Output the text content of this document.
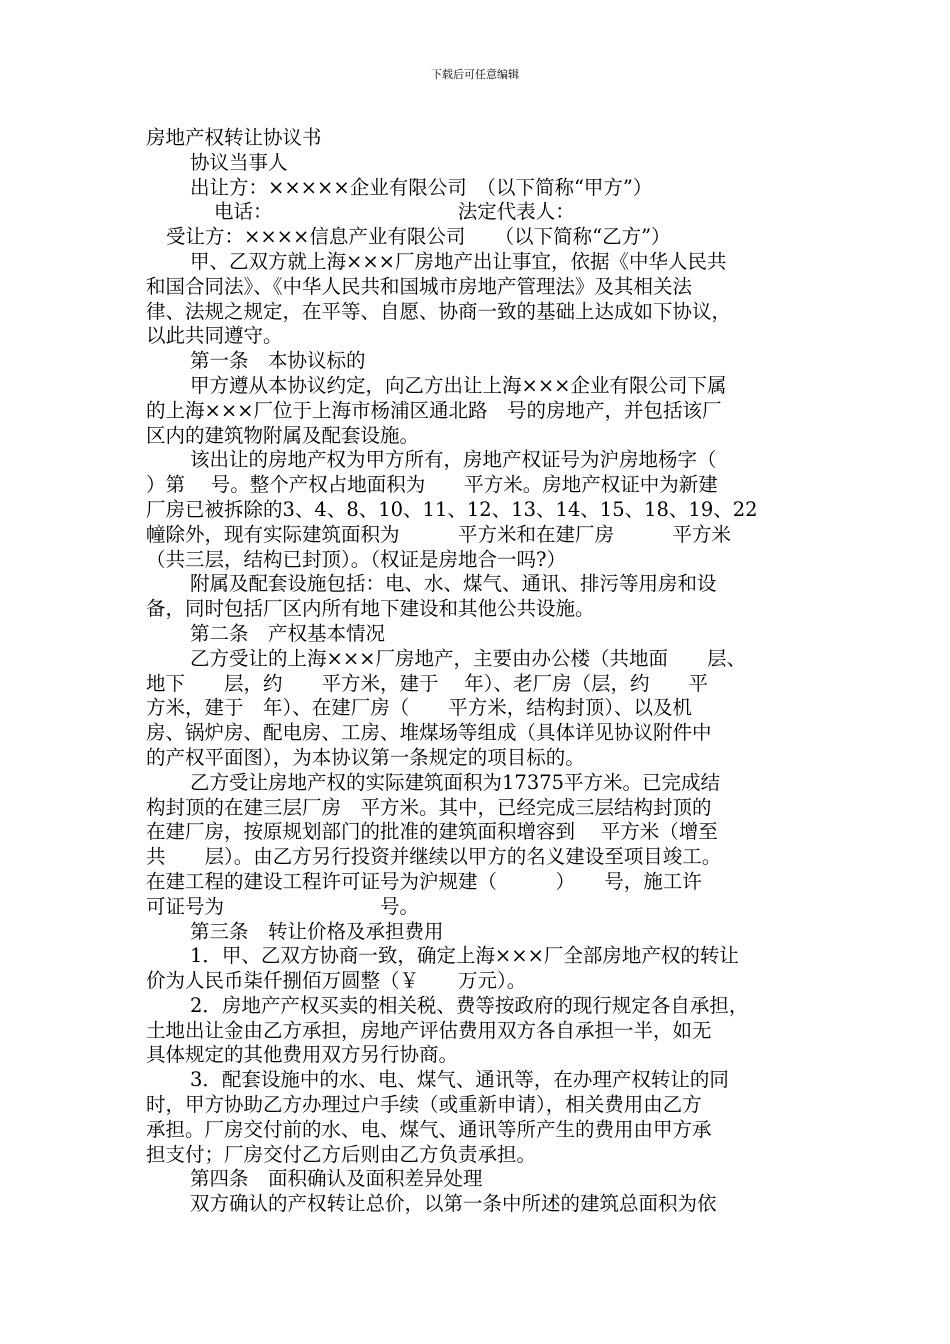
下载后可任意编辑
房地产权转让协议书
协议当事人
出让方：×××××企业有限公司　（以下简称“甲方”）
电话：　　　　　　　　　　法定代表人：
受让方：××××信息产业有限公司　　（以下简称“乙方”）
甲、乙双方就上海×××厂房地产出让事宜，依据《中华人民共
和国合同法》、《中华人民共和国城市房地产管理法》及其相关法
律、法规之规定，在平等、自愿、协商一致的基础上达成如下协议，
以此共同遵守。
第一条　本协议标的
甲方遵从本协议约定，向乙方出让上海×××企业有限公司下属
的上海×××厂位于上海市杨浦区通北路　号的房地产，并包括该厂
区内的建筑物附属及配套设施。
该出让的房地产权为甲方所有，房地产权证号为沪房地杨字（
）第　 号。整个产权占地面积为　　平方米。房地产权证中为新建
厂房已被拆除的3、4、8、10、11、12、13、14、15、18、19、22
幢除外，现有实际建筑面积为　　　平方米和在建厂房　　　平方米
（共三层，结构已封顶）。（权证是房地合一吗?）
附属及配套设施包括：电、水、煤气、通讯、排污等用房和设
备，同时包括厂区内所有地下建设和其他公共设施。
第二条　产权基本情况
乙方受让的上海×××厂房地产，主要由办公楼（共地面　　层、
地下　　层，约　　平方米，建于　 年）、老厂房（层，约　　平
方米，建于　年）、在建厂房（　　平方米，结构封顶）、以及机
房、锅炉房、配电房、工房、堆煤场等组成（具体详见协议附件中
的产权平面图），为本协议第一条规定的项目标的。
乙方受让房地产权的实际建筑面积为17375平方米。已完成结
构封顶的在建三层厂房　平方米。其中，已经完成三层结构封顶的
在建厂房，按原规划部门的批准的建筑面积增容到　 平方米（增至
共　　层）。由乙方另行投资并继续以甲方的名义建设至项目竣工。
在建工程的建设工程许可证号为沪规建（　　　）　　号，施工许
可证号为　　　　　　　　号。
第三条　转让价格及承担费用
1．甲、乙双方协商一致，确定上海×××厂全部房地产权的转让
价为人民币柒仟捌佰万圆整（￥　　万元）。
2．房地产产权买卖的相关税、费等按政府的现行规定各自承担，
土地出让金由乙方承担，房地产评估费用双方各自承担一半，如无
具体规定的其他费用双方另行协商。
3．配套设施中的水、电、煤气、通讯等，在办理产权转让的同
时，甲方协助乙方办理过户手续（或重新申请），相关费用由乙方
承担。厂房交付前的水、电、煤气、通讯等所产生的费用由甲方承
担支付；厂房交付乙方后则由乙方负责承担。
第四条　面积确认及面积差异处理
双方确认的产权转让总价，以第一条中所述的建筑总面积为依
